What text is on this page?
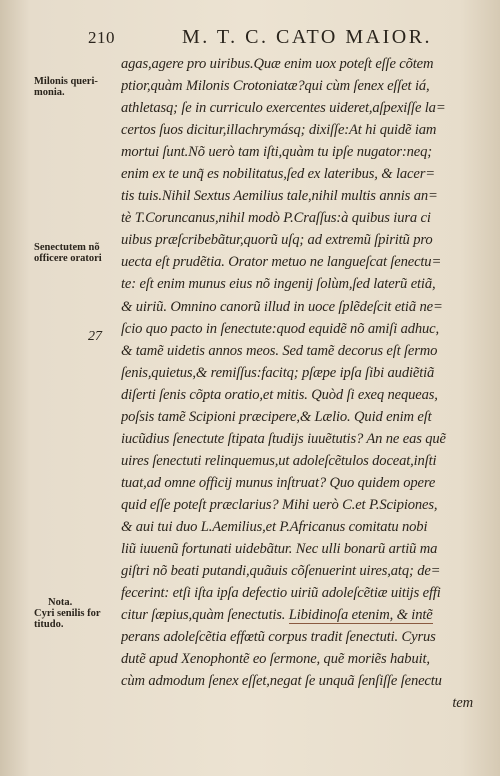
210	M. T. C. CATO MAIOR.
Milonis queri-
monia.
Senectutem nõ
officere oratori
27
Nota.
Cyri senilis for
titudo.
agas,agere pro uiribus.Quæ enim uox poteſt eſſe cõtem
ptior,quàm Milonis Crotoniatæ?qui cùm ſenex eſſet iá,
athletasq; ſe in curriculo exercentes uideret,aſpexiſſe la=
certos ſuos dicitur,illachrymásq; dixiſſe:At hi quidẽ iam
mortui ſunt.Nõ uerò tam iſti,quàm tu ipſe nugator:neq;
enim ex te unq̃ es nobilitatus,ſed ex lateribus, & lacer=
tis tuis.Nihil Sextus Aemilius tale,nihil multis annis an=
tè T.Coruncanus,nihil modò P.Craſſus:à quibus iura ci
uibus præſcribebãtur,quorũ uſq; ad extremũ ſpiritũ pro
uecta eſt prudẽtia. Orator metuo ne langueſcat ſenectu=
te: eſt enim munus eius nõ ingenij ſolùm,ſed laterũ etiã,
& uiriũ. Omnino canorũ illud in uoce ſplẽdeſcit etiã ne=
ſcio quo pacto in ſenectute:quod equidẽ nõ amiſi adhuc,
& tamẽ uidetis annos meos. Sed tamẽ decorus eſt ſermo
ſenis,quietus,& remiſſus:facitq; pſæpe ipſa ſibi audiẽtiã
diſerti ſenis cõpta oratio,et mitis. Quòd ſi exeq nequeas,
poſsis tamẽ Scipioni præcipere,& Lælio. Quid enim eſt
iucũdius ſenectute ſtipata ſtudijs iuuẽtutis? An ne eas quẽ
uires ſenectuti relinquemus,ut adoleſcẽtulos doceat,inſti
tuat,ad omne officij munus inſtruat? Quo quidem opere
quid eſſe poteſt præclarius? Mihi uerò C.et P.Scipiones,
& aui tui duo L.Aemilius,et P.Africanus comitatu nobi
liũ iuuenũ fortunati uidebãtur. Nec ulli bonarũ artiũ ma
giſtri nõ beati putandi,quãuis cõſenuerint uires,atq; de=
fecerint: etſi iſta ipſa defectio uiriũ adoleſcẽtiæ uitijs effi
citur ſæpius,quàm ſenectutis. Libidinoſa etenim, & intẽ
perans adoleſcẽtia effœtũ corpus tradit ſenectuti. Cyrus
dutẽ apud Xenophontẽ eo ſermone, quẽ moriẽs habuit,
cùm admodum ſenex eſſet,negat ſe unquã ſenſiſſe ſenectu
tem
